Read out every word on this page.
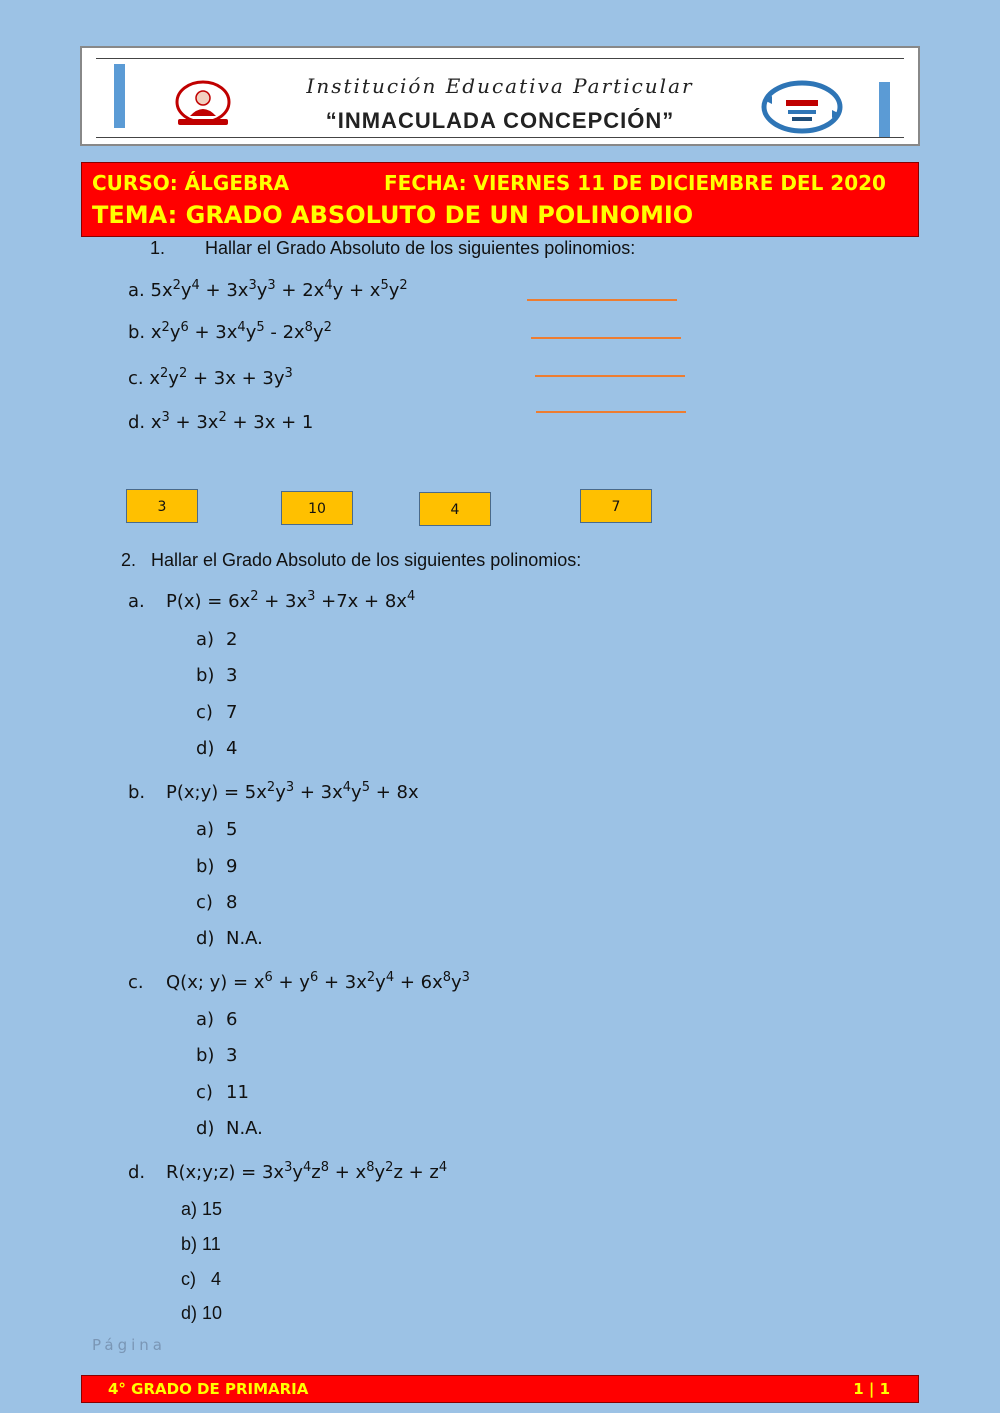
Institución Educativa Particular
“INMACULADA CONCEPCIÓN”
CURSO: ÁLGEBRA	FECHA: VIERNES 11 DE DICIEMBRE DEL 2020
TEMA: GRADO ABSOLUTO DE UN POLINOMIO
1. Hallar el Grado Absoluto de los siguientes polinomios:
a. $5x^2y^4 + 3x^3y^3 + 2x^4y + x^5y^2$
b. $x^2y^6 + 3x^4y^5 - 2x^8y^2$
c. $x^2y^2 + 3x + 3y^3$
d. $x^3 + 3x^2 + 3x + 1$
3	10	4	7
2. Hallar el Grado Absoluto de los siguientes polinomios:
a. $P(x) = 6x^2 + 3x^3 +7x + 8x^4$
a) 2
b) 3
c) 7
d) 4
b. P(x;y) = $5x^2y^3 + 3x^4y^5 + 8x$
a) 5
b) 9
c) 8
d) N.A.
c. Q(x; $y) = x^6 + y^6 + 3x^2y^4 + 6x^8y^3$
a) 6
b) 3
c) 11
d) N.A.
d. R(x;y;z) = $3x^3y^4z^8 + x^8y^2z + z^4$
a) 15
b) 11
c)   4
d) 10
Página
4° GRADO DE PRIMARIA	1 | 1
